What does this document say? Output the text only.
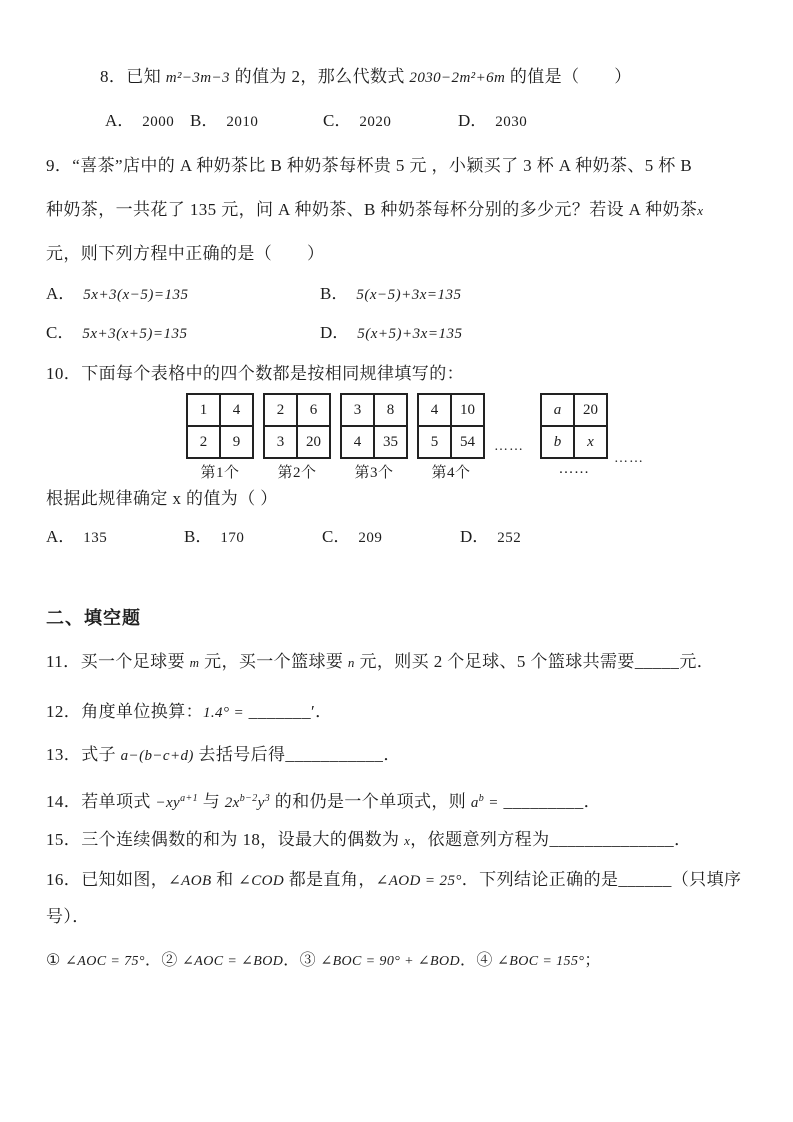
8．已知 m²−3m−3 的值为 2，那么代数式 2030−2m²+6m 的值是（　　）
A． 2000 B． 2010	C． 2020	D． 2030
9．“喜茶”店中的 A 种奶茶比 B 种奶茶每杯贵 5 元 ，小颖买了 3 杯 A 种奶茶、5 杯 B
种奶茶，一共花了 135 元，问 A 种奶茶、B 种奶茶每杯分别的多少元？若设 A 种奶茶x
元，则下列方程中正确的是（　　）
A． 5x+3(x−5)=135	B． 5(x−5)+3x=135
C． 5x+3(x+5)=135	D． 5(x+5)+3x=135
10．下面每个表格中的四个数都是按相同规律填写的：
1	4
2	9
第1个
2	6
3	20
第2个
3	8
4	35
第3个
4	10
5	54
第4个
……
a	20
b	x
……
……
根据此规律确定 x 的值为（ ）
A． 135	B． 170	C． 209	D． 252
二、填空题
11．买一个足球要 m 元，买一个篮球要 n 元，则买 2 个足球、5 个篮球共需要_____元．
12．角度单位换算：1.4° = _______′．
13．式子 a−(b−c+d) 去括号后得___________．
14．若单项式 $-xy^{a+1}$ 与 $2x^{b-2}y^3$ 的和仍是一个单项式，则 $a^b$ = _________．
15．三个连续偶数的和为 18，设最大的偶数为 x，依题意列方程为______________．
16．已知如图，∠AOB 和 ∠COD 都是直角，∠AOD = 25°．下列结论正确的是______（只填序
号）．
① ∠AOC = 75°．② ∠AOC = ∠BOD．③ ∠BOC = 90° + ∠BOD．④ ∠BOC = 155°；
